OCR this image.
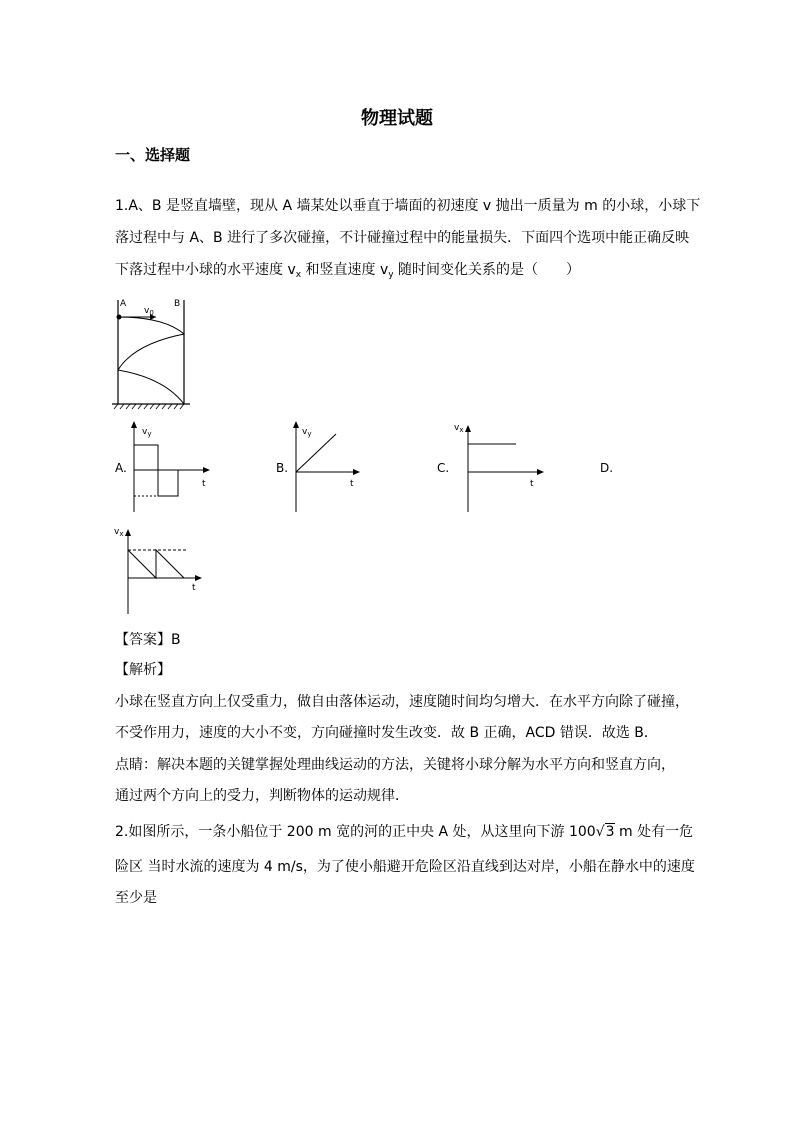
物理试题
一、选择题
1.A、B 是竖直墙壁，现从 A 墙某处以垂直于墙面的初速度 v 抛出一质量为 m 的小球，小球下
落过程中与 A、B 进行了多次碰撞，不计碰撞过程中的能量损失．下面四个选项中能正确反映
下落过程中小球的水平速度 $v_x$ 和竖直速度 $v_y$ 随时间变化关系的是（　　）
A	B
$v_0$
A.
$v_y$
t
B.
$v_y$
t
C.
$v_x$
t
D.
$v_x$
t
【答案】B
【解析】
小球在竖直方向上仅受重力，做自由落体运动，速度随时间均匀增大．在水平方向除了碰撞，
不受作用力，速度的大小不变，方向碰撞时发生改变．故 B 正确，ACD 错误．故选 B．
点睛：解决本题的关键掌握处理曲线运动的方法，关键将小球分解为水平方向和竖直方向，
通过两个方向上的受力，判断物体的运动规律．
2.如图所示，一条小船位于 200 m 宽的河的正中央 A 处，从这里向下游 100√3 m 处有一危
险区 当时水流的速度为 4 m/s，为了使小船避开危险区沿直线到达对岸，小船在静水中的速度
至少是
